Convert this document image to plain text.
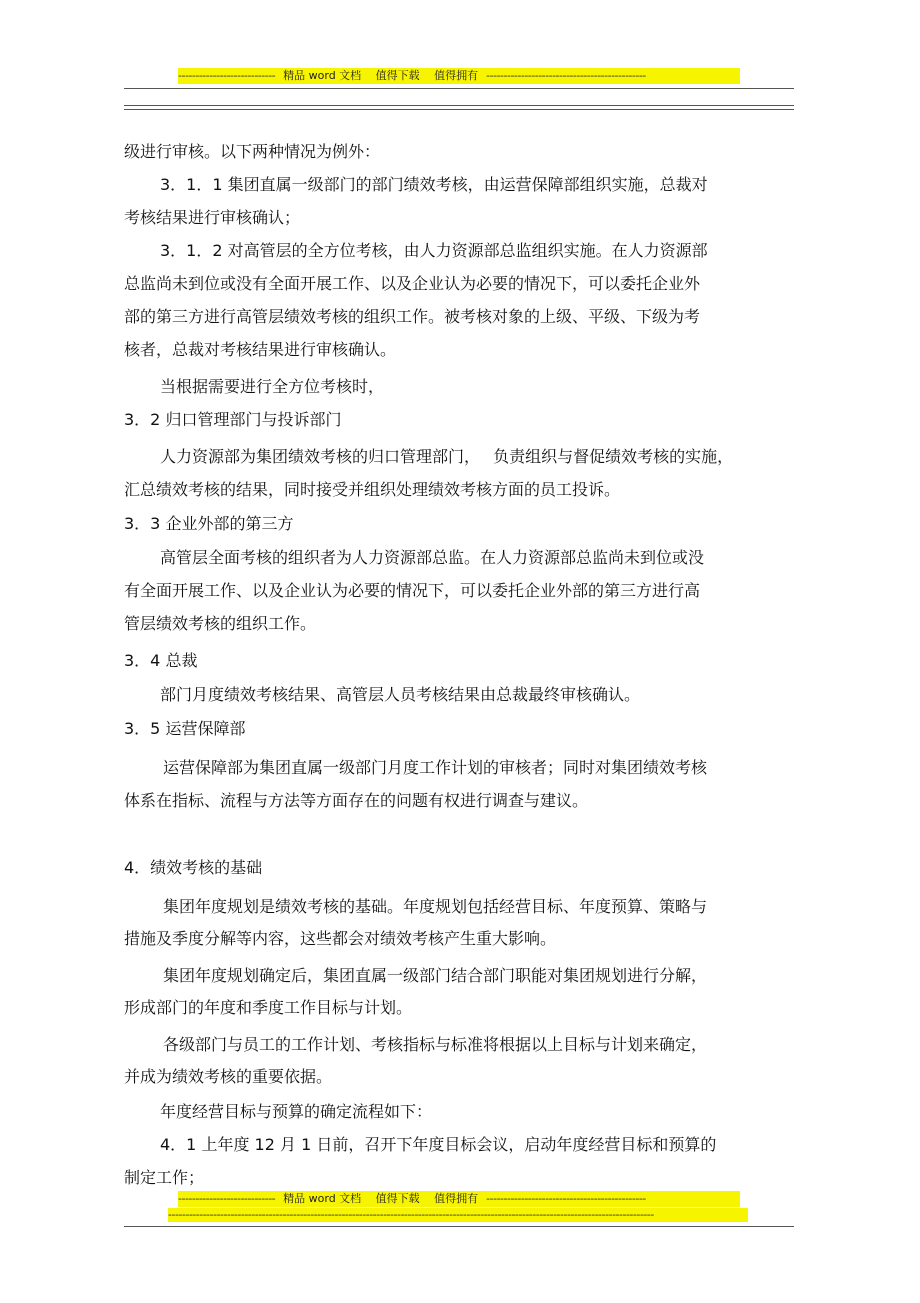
---------------------------- 精品 word 文档　 值得下载　 值得拥有 ----------------------------------------------
级进行审核。以下两种情况为例外：
3．1．1 集团直属一级部门的部门绩效考核，由运营保障部组织实施，总裁对
考核结果进行审核确认；
3．1．2 对高管层的全方位考核，由人力资源部总监组织实施。在人力资源部
总监尚未到位或没有全面开展工作、以及企业认为必要的情况下，可以委托企业外
部的第三方进行高管层绩效考核的组织工作。被考核对象的上级、平级、下级为考
核者，总裁对考核结果进行审核确认。
当根据需要进行全方位考核时，
3．2 归口管理部门与投诉部门
人力资源部为集团绩效考核的归口管理部门，　 负责组织与督促绩效考核的实施，
汇总绩效考核的结果，同时接受并组织处理绩效考核方面的员工投诉。
3．3 企业外部的第三方
高管层全面考核的组织者为人力资源部总监。在人力资源部总监尚未到位或没
有全面开展工作、以及企业认为必要的情况下，可以委托企业外部的第三方进行高
管层绩效考核的组织工作。
3．4 总裁
部门月度绩效考核结果、高管层人员考核结果由总裁最终审核确认。
3．5 运营保障部
运营保障部为集团直属一级部门月度工作计划的审核者；同时对集团绩效考核
体系在指标、流程与方法等方面存在的问题有权进行调查与建议。
4．绩效考核的基础
集团年度规划是绩效考核的基础。年度规划包括经营目标、年度预算、策略与
措施及季度分解等内容，这些都会对绩效考核产生重大影响。
集团年度规划确定后，集团直属一级部门结合部门职能对集团规划进行分解，
形成部门的年度和季度工作目标与计划。
各级部门与员工的工作计划、考核指标与标准将根据以上目标与计划来确定，
并成为绩效考核的重要依据。
年度经营目标与预算的确定流程如下：
4．1 上年度 12 月 1 日前，召开下年度目标会议，启动年度经营目标和预算的
制定工作；
---------------------------- 精品 word 文档　 值得下载　 值得拥有 ----------------------------------------------
--------------------------------------------------------------------------------------------------------------------------------------------
